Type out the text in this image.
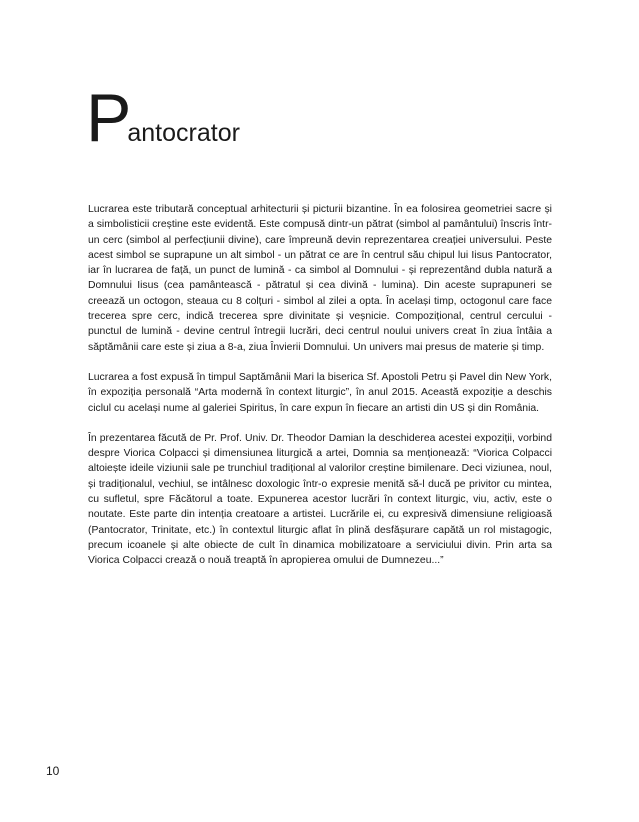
Pantocrator

Lucrarea este tributară conceptual arhitecturii și picturii bizantine. În ea folosirea geometriei sacre și a simbolisticii creștine este evidentă. Este compusă dintr-un pătrat (simbol al pamântului) înscris într-un cerc (simbol al perfecțiunii divine), care împreună devin reprezentarea creației universului. Peste acest simbol se suprapune un alt simbol - un pătrat ce are în centrul său chipul lui Iisus Pantocrator, iar în lucrarea de față, un punct de lumină - ca simbol al Domnului - și reprezentând dubla natură a Domnului Iisus (cea pamântească - pătratul și cea divină - lumina). Din aceste suprapuneri se creează un octogon, steaua cu 8 colțuri - simbol al zilei a opta. În același timp, octogonul care face trecerea spre cerc, indică trecerea spre divinitate și veșnicie. Compozițional, centrul cercului - punctul de lumină - devine centrul întregii lucrări, deci centrul noului univers creat în ziua întâia a săptămânii care este și ziua a 8-a, ziua Învierii Domnului. Un univers mai presus de materie și timp.

Lucrarea a fost expusă în timpul Saptămânii Mari la biserica Sf. Apostoli Petru și Pavel din New York, în expoziția personală “Arta modernă în context liturgic”, în anul 2015. Această expoziție a deschis ciclul cu același nume al galeriei Spiritus, în care expun în fiecare an artisti din US și din România.

În prezentarea făcută de Pr. Prof. Univ. Dr. Theodor Damian la deschiderea acestei expoziții, vorbind despre Viorica Colpacci și dimensiunea liturgică a artei, Domnia sa menționează: “Viorica Colpacci altoiește ideile viziunii sale pe trunchiul tradițional al valorilor creștine bimilenare. Deci viziunea, noul, și tradiționalul, vechiul, se intâlnesc doxologic într-o expresie menită să-l ducă pe privitor cu mintea, cu sufletul, spre Făcătorul a toate. Expunerea acestor lucrări în context liturgic, viu, activ, este o noutate. Este parte din intenția creatoare a artistei. Lucrările ei, cu expresivă dimensiune religioasă (Pantocrator, Trinitate, etc.) în contextul liturgic aflat în plină desfășurare capătă un rol mistagogic, precum icoanele și alte obiecte de cult în dinamica mobilizatoare a serviciului divin. Prin arta sa Viorica Colpacci crează o nouă treaptă în apropierea omului de Dumnezeu...”

10
